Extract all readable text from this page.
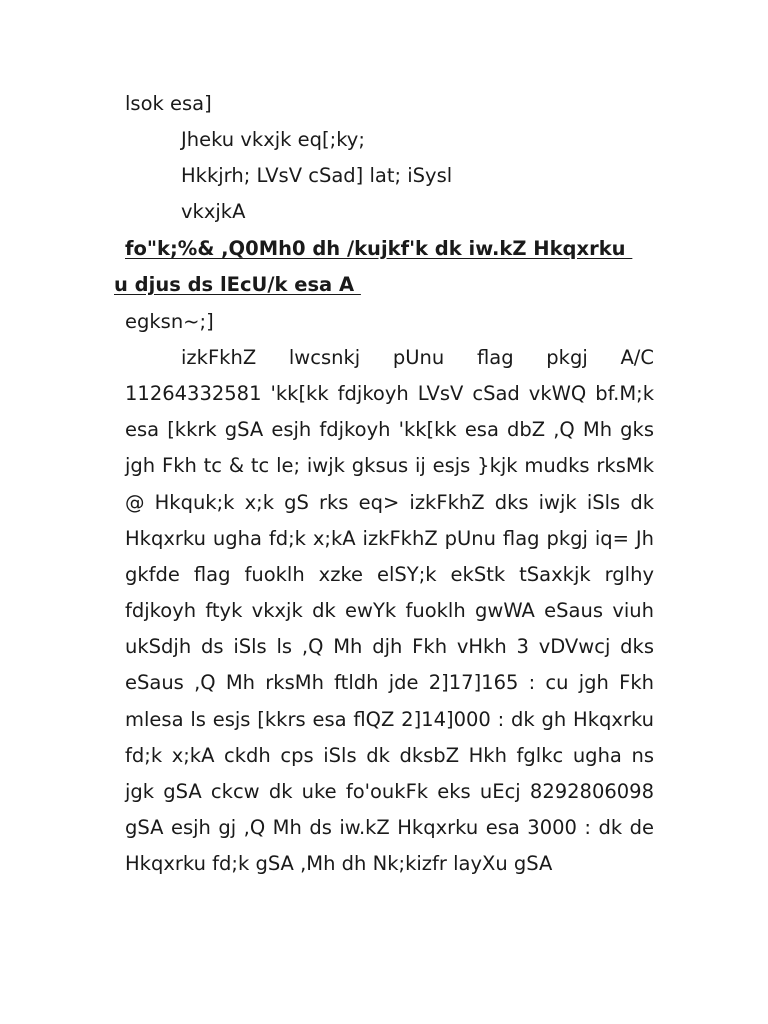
lsok esa]
Jheku vkxjk eq[;ky;
Hkkjrh; LVsV cSad] lat; iSysl
vkxjkA
fo"k;%& ,Q0Mh0 dh /kujkf'k dk iw.kZ Hkqxrku
u djus ds lEcU/k esa A
egksn~;]

izkFkhZ lwcsnkj pUnu flag pkgj A/C 11264332581 'kk[kk fdjkoyh LVsV cSad vkWQ bf.M;k esa [kkrk gSA esjh fdjkoyh 'kk[kk esa dbZ ,Q Mh gks jgh Fkh tc & tc le; iwjk gksus ij esjs }kjk mudks rksMk @ Hkquk;k x;k gS rks eq> izkFkhZ dks iwjk iSls dk Hkqxrku ugha fd;k x;kA izkFkhZ pUnu flag pkgj iq= Jh gkfde flag fuoklh xzke elSY;k ekStk tSaxkjk rglhy fdjkoyh ftyk vkxjk dk ewYk fuoklh gwWA eSaus viuh ukSdjh ds iSls ls ,Q Mh djh Fkh vHkh 3 vDVwcj dks eSaus ,Q Mh rksMh ftldh jde 2]17]165 : cu jgh Fkh mlesa ls esjs [kkrs esa flQZ 2]14]000 : dk gh Hkqxrku fd;k x;kA ckdh cps iSls dk dksbZ Hkh fglkc ugha ns jgk gSA ckcw dk uke fo'oukFk eks uEcj 8292806098 gSA esjh gj ,Q Mh ds iw.kZ Hkqxrku esa 3000 : dk de Hkqxrku fd;k gSA ,Mh dh Nk;kizfr layXu gSA
